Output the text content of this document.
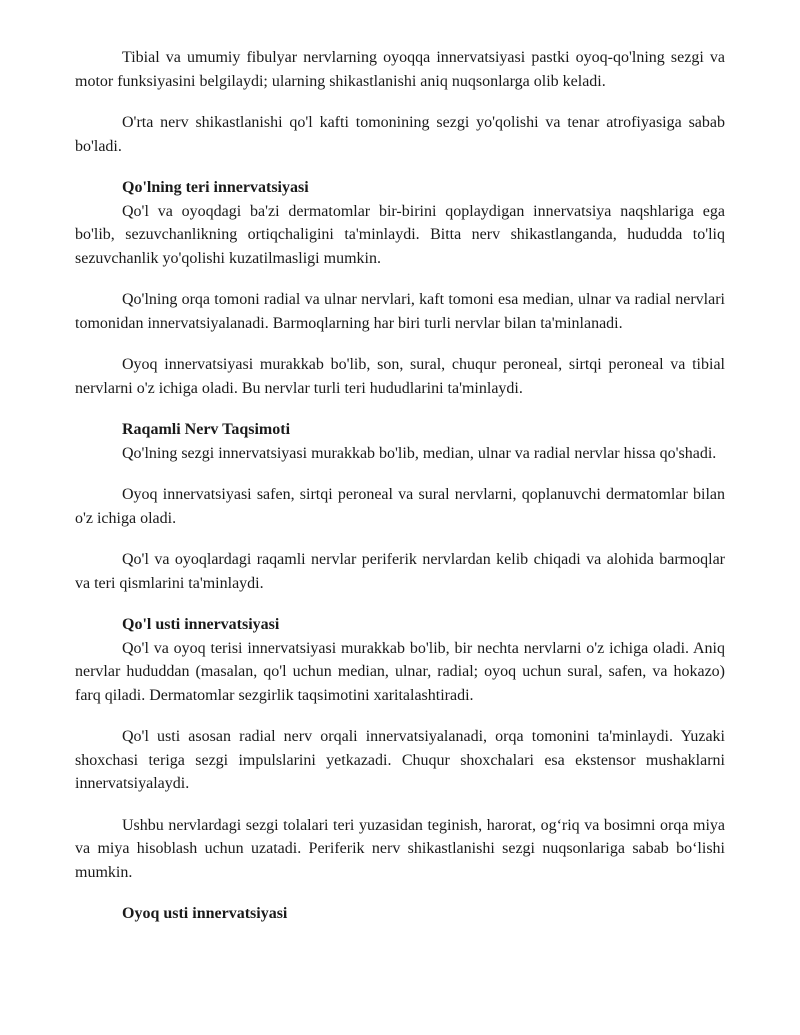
Tibial va umumiy fibulyar nervlarning oyoqqa innervatsiyasi pastki oyoq-qo'lning sezgi va motor funksiyasini belgilaydi; ularning shikastlanishi aniq nuqsonlarga olib keladi.

O'rta nerv shikastlanishi qo'l kafti tomonining sezgi yo'qolishi va tenar atrofiyasiga sabab bo'ladi.

Qo'lning teri innervatsiyasi

Qo'l va oyoqdagi ba'zi dermatomlar bir-birini qoplaydigan innervatsiya naqshlariga ega bo'lib, sezuvchanlikning ortiqchaligini ta'minlaydi. Bitta nerv shikastlanganda, hududda to'liq sezuvchanlik yo'qolishi kuzatilmasligi mumkin.

Qo'lning orqa tomoni radial va ulnar nervlari, kaft tomoni esa median, ulnar va radial nervlari tomonidan innervatsiyalanadi. Barmoqlarning har biri turli nervlar bilan ta'minlanadi.

Oyoq innervatsiyasi murakkab bo'lib, son, sural, chuqur peroneal, sirtqi peroneal va tibial nervlarni o'z ichiga oladi. Bu nervlar turli teri hududlarini ta'minlaydi.

Raqamli Nerv Taqsimoti

Qo'lning sezgi innervatsiyasi murakkab bo'lib, median, ulnar va radial nervlar hissa qo'shadi.

Oyoq innervatsiyasi safen, sirtqi peroneal va sural nervlarni, qoplanuvchi dermatomlar bilan o'z ichiga oladi.

Qo'l va oyoqlardagi raqamli nervlar periferik nervlardan kelib chiqadi va alohida barmoqlar va teri qismlarini ta'minlaydi.

Qo'l usti innervatsiyasi

Qo'l va oyoq terisi innervatsiyasi murakkab bo'lib, bir nechta nervlarni o'z ichiga oladi. Aniq nervlar hududdan (masalan, qo'l uchun median, ulnar, radial; oyoq uchun sural, safen, va hokazo) farq qiladi. Dermatomlar sezgirlik taqsimotini xaritalashtiradi.

Qo'l usti asosan radial nerv orqali innervatsiyalanadi, orqa tomonini ta'minlaydi. Yuzaki shoxchasi teriga sezgi impulslarini yetkazadi. Chuqur shoxchalari esa ekstensor mushaklarni innervatsiyalaydi.

Ushbu nervlardagi sezgi tolalari teri yuzasidan teginish, harorat, og‘riq va bosimni orqa miya va miya hisoblash uchun uzatadi. Periferik nerv shikastlanishi sezgi nuqsonlariga sabab bo‘lishi mumkin.

Oyoq usti innervatsiyasi
